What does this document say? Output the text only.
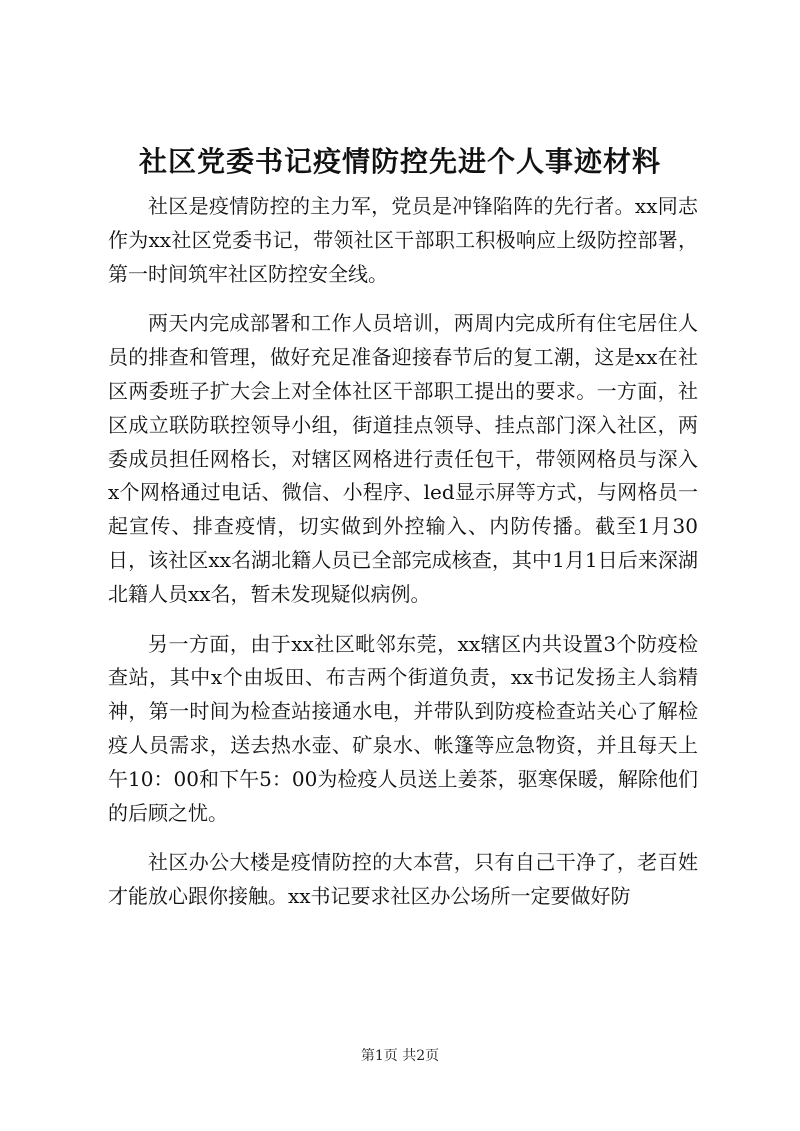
社区党委书记疫情防控先进个人事迹材料

社区是疫情防控的主力军，党员是冲锋陷阵的先行者。xx同志作为xx社区党委书记，带领社区干部职工积极响应上级防控部署，第一时间筑牢社区防控安全线。

两天内完成部署和工作人员培训，两周内完成所有住宅居住人员的排查和管理，做好充足准备迎接春节后的复工潮，这是xx在社区两委班子扩大会上对全体社区干部职工提出的要求。一方面，社区成立联防联控领导小组，街道挂点领导、挂点部门深入社区，两委成员担任网格长，对辖区网格进行责任包干，带领网格员与深入x个网格通过电话、微信、小程序、led显示屏等方式，与网格员一起宣传、排查疫情，切实做到外控输入、内防传播。截至1月30日，该社区xx名湖北籍人员已全部完成核查，其中1月1日后来深湖北籍人员xx名，暂未发现疑似病例。

另一方面，由于xx社区毗邻东莞，xx辖区内共设置3个防疫检查站，其中x个由坂田、布吉两个街道负责，xx书记发扬主人翁精神，第一时间为检查站接通水电，并带队到防疫检查站关心了解检疫人员需求，送去热水壶、矿泉水、帐篷等应急物资，并且每天上午10：00和下午5：00为检疫人员送上姜茶，驱寒保暖，解除他们的后顾之忧。

社区办公大楼是疫情防控的大本营，只有自己干净了，老百姓才能放心跟你接触。xx书记要求社区办公场所一定要做好防

第1页 共2页
